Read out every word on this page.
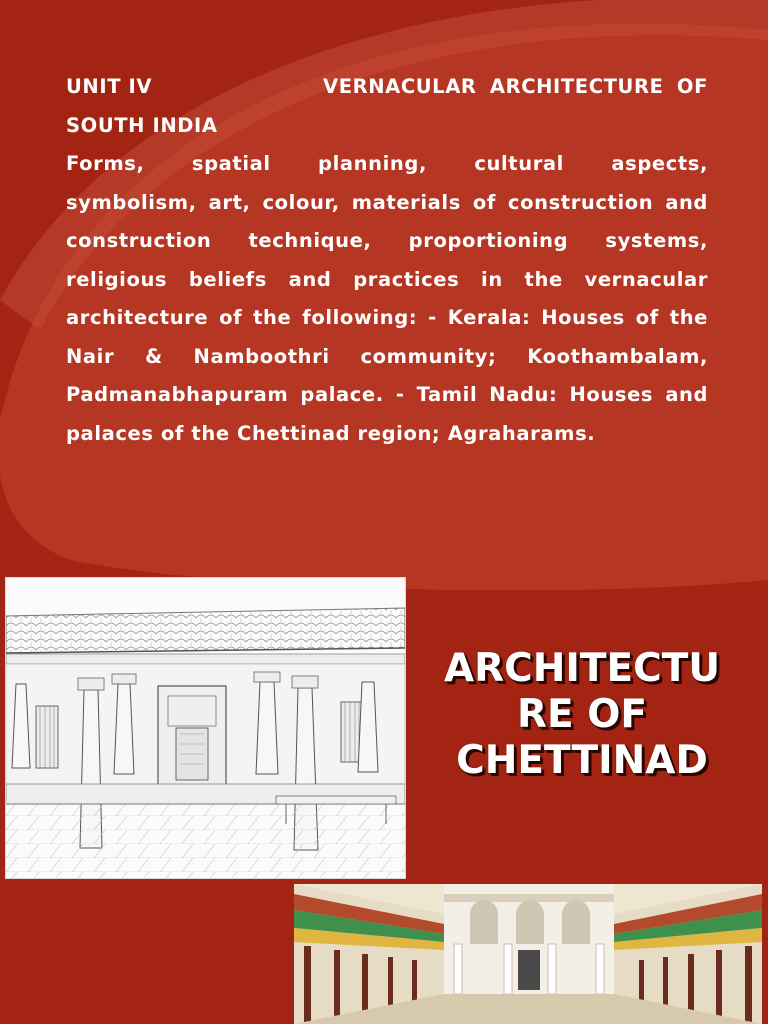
UNIT IV	VERNACULAR ARCHITECTURE OF

SOUTH INDIA

Forms, spatial planning, cultural aspects,

symbolism, art, colour, materials of construction and

construction technique, proportioning systems,

religious beliefs and practices in the vernacular

architecture of the following: - Kerala: Houses of the

Nair & Namboothri community; Koothambalam,

Padmanabhapuram palace. - Tamil Nadu: Houses and

palaces of the Chettinad region; Agraharams.

ARCHITECTU
RE OF
CHETTINAD
